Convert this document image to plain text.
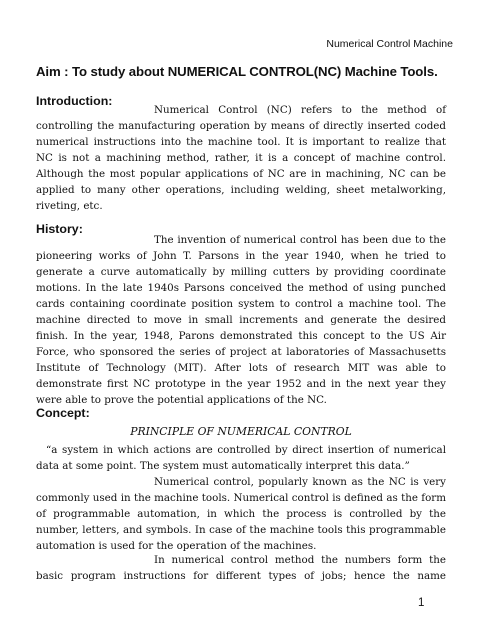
Numerical Control Machine
Aim : To study about NUMERICAL CONTROL(NC) Machine Tools.
Introduction:

Numerical Control (NC) refers to the method of controlling the manufacturing operation by means of directly inserted coded numerical instructions into the machine tool. It is important to realize that NC is not a machining method, rather, it is a concept of machine control. Although the most popular applications of NC are in machining, NC can be applied to many other operations, including welding, sheet metalworking, riveting, etc.

History:

The invention of numerical control has been due to the pioneering works of John T. Parsons in the year 1940, when he tried to generate a curve automatically by milling cutters by providing coordinate motions. In the late 1940s Parsons conceived the method of using punched cards containing coordinate position system to control a machine tool. The machine directed to move in small increments and generate the desired finish. In the year, 1948, Parons demonstrated this concept to the US Air Force, who sponsored the series of project at laboratories of Massachusetts Institute of Technology (MIT). After lots of research MIT was able to demonstrate first NC prototype in the year 1952 and in the next year they were able to prove the potential applications of the NC.

Concept:
PRINCIPLE OF NUMERICAL CONTROL

“a system in which actions are controlled by direct insertion of numerical data at some point. The system must automatically interpret this data.”

Numerical control, popularly known as the NC is very commonly used in the machine tools. Numerical control is defined as the form of programmable automation, in which the process is controlled by the number, letters, and symbols. In case of the machine tools this programmable automation is used for the operation of the machines.

In numerical control method the numbers form the basic program instructions for different types of jobs; hence the name

1
